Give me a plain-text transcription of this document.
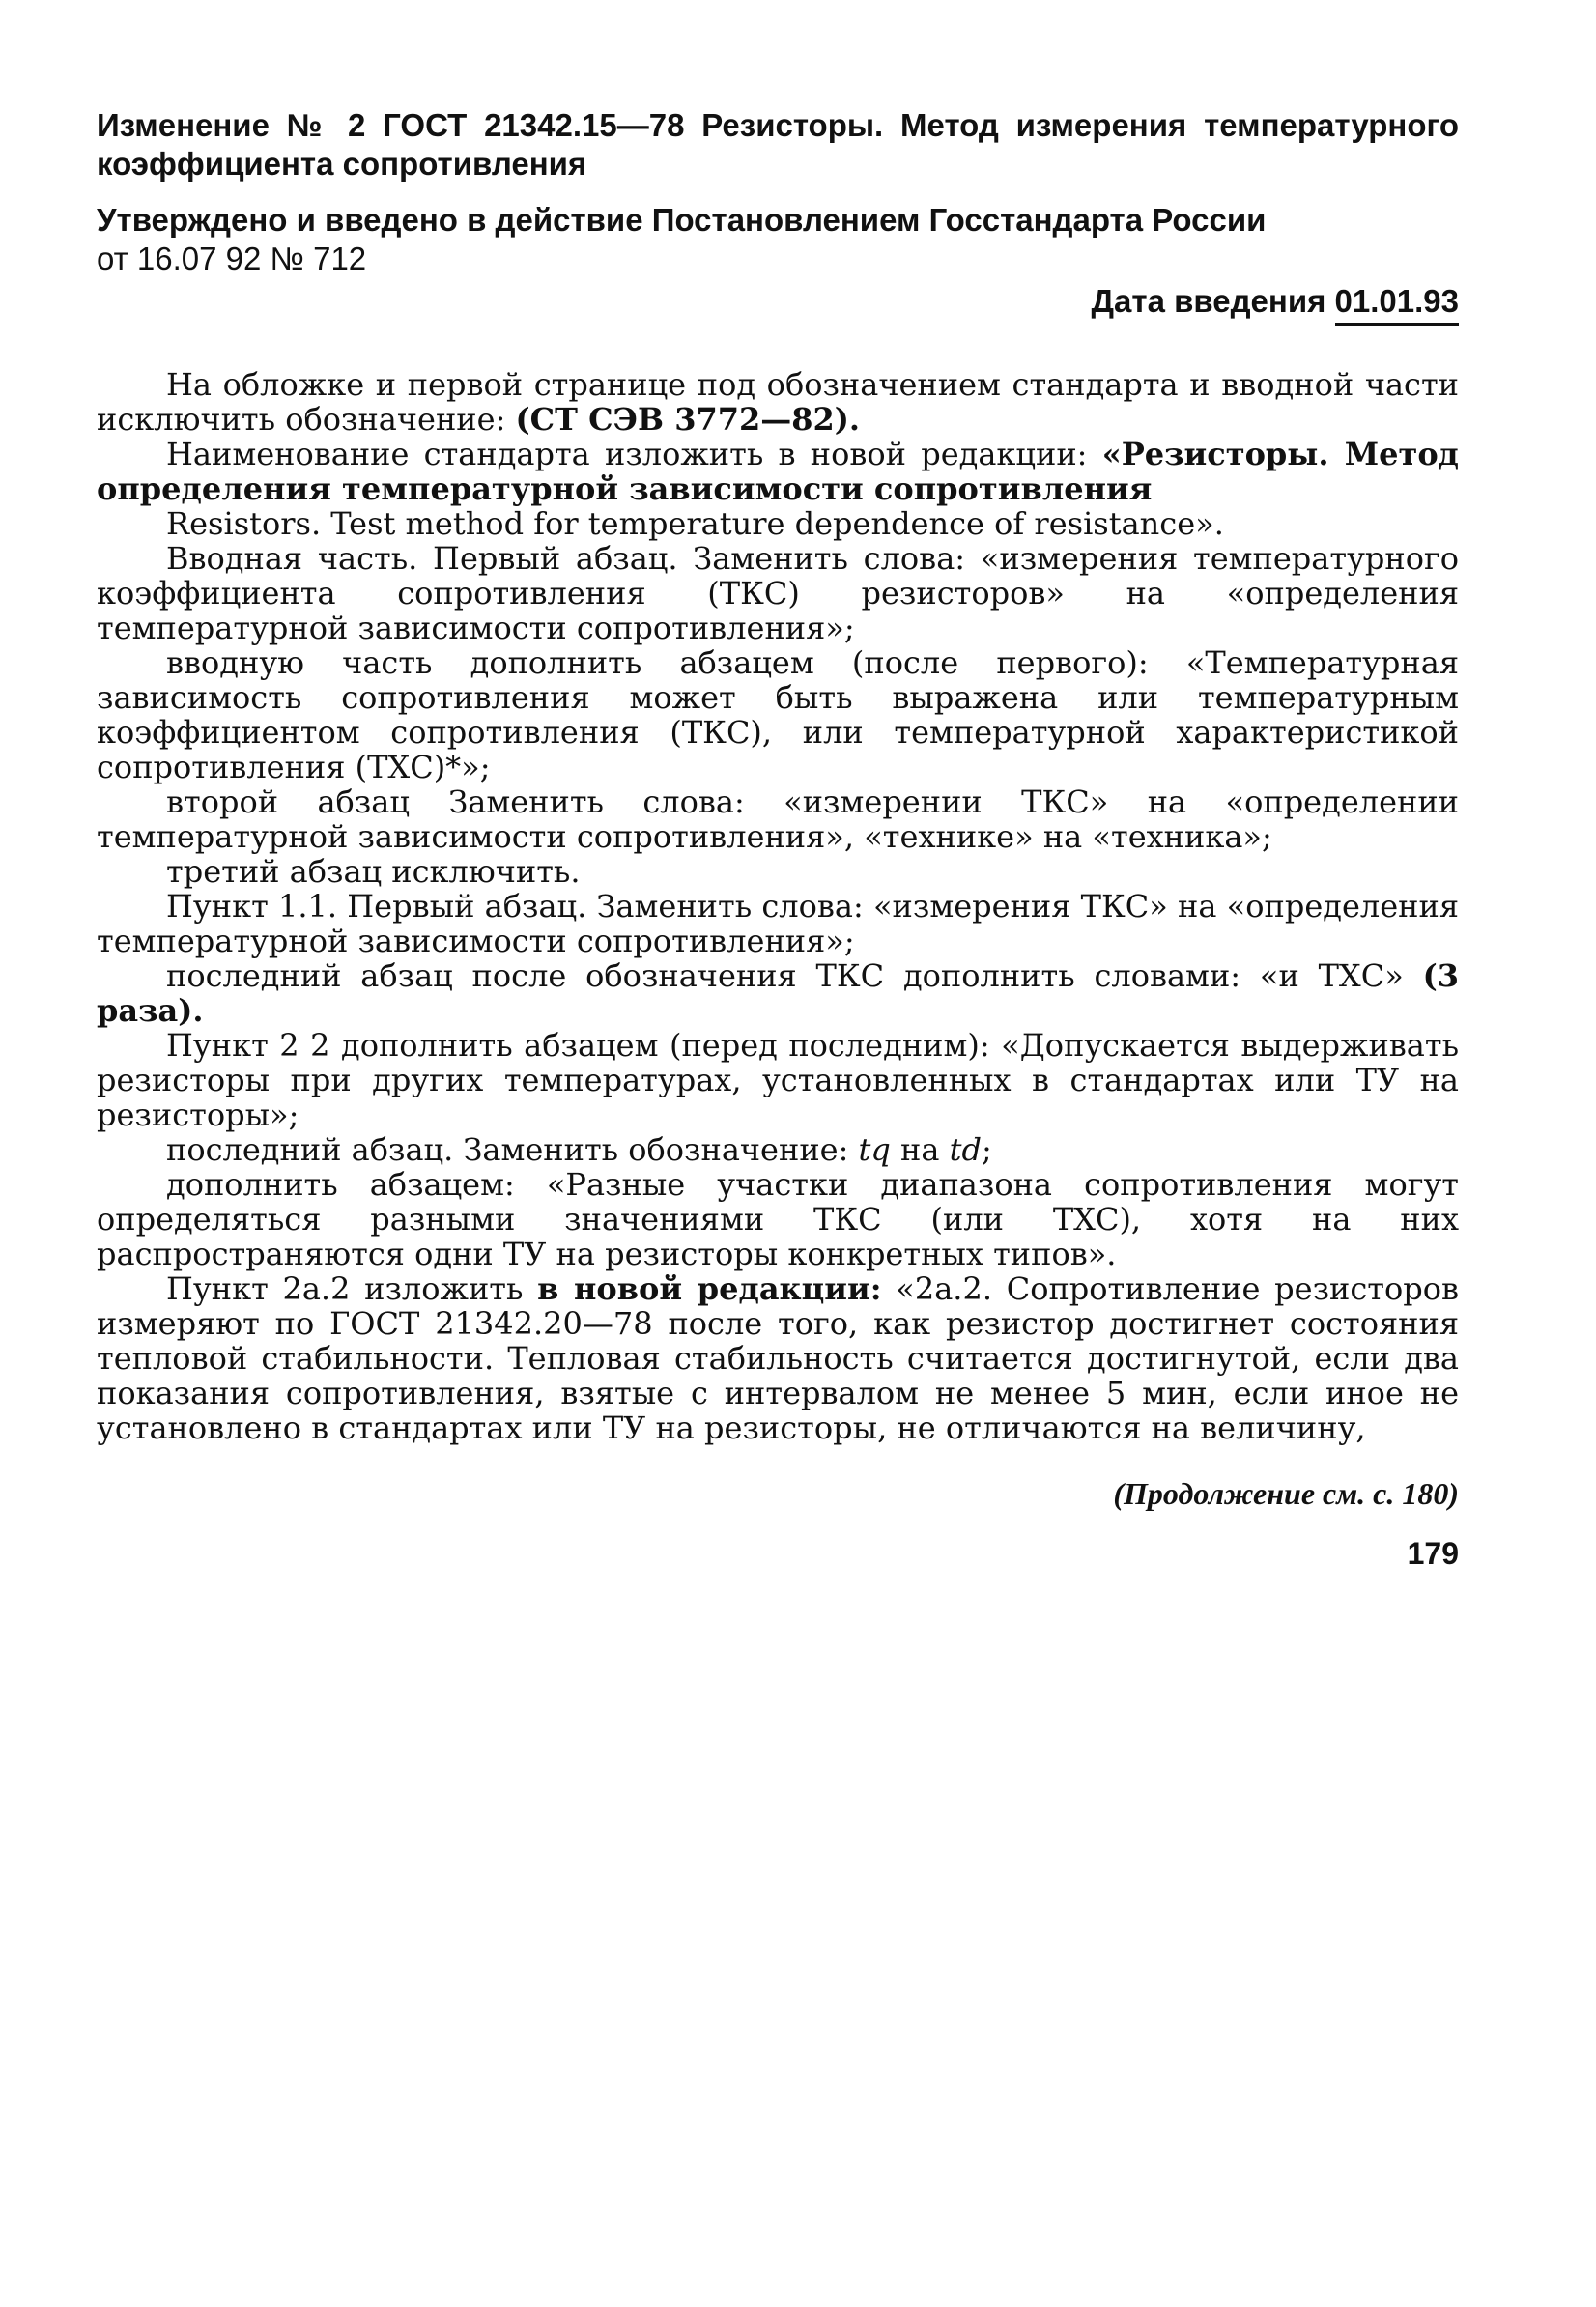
Изменение № 2 ГОСТ 21342.15—78 Резисторы. Метод измерения температурного коэффициента сопротивления

Утверждено и введено в действие Постановлением Госстандарта России
от 16.07 92 № 712

Дата введения 01.01.93

На обложке и первой странице под обозначением стандарта и вводной части исключить обозначение: (СТ СЭВ 3772—82).

Наименование стандарта изложить в новой редакции: «Резисторы. Метод определения температурной зависимости сопротивления

Resistors. Test method for temperature dependence of resistance».

Вводная часть. Первый абзац. Заменить слова: «измерения температурного коэффициента сопротивления (ТКС) резисторов» на «определения температурной зависимости сопротивления»;

вводную часть дополнить абзацем (после первого): «Температурная зависимость сопротивления может быть выражена или температурным коэффициентом сопротивления (ТКС), или температурной характеристикой сопротивления (ТХС)*»;

второй абзац Заменить слова: «измерении ТКС» на «определении температурной зависимости сопротивления», «технике» на «техника»;

третий абзац исключить.

Пункт 1.1. Первый абзац. Заменить слова: «измерения ТКС» на «определения температурной зависимости сопротивления»;

последний абзац после обозначения ТКС дополнить словами: «и ТХС» (3 раза).

Пункт 2 2 дополнить абзацем (перед последним): «Допускается выдерживать резисторы при других температурах, установленных в стандартах или ТУ на резисторы»;

последний абзац. Заменить обозначение: tq на td;

дополнить абзацем: «Разные участки диапазона сопротивления могут определяться разными значениями ТКС (или ТХС), хотя на них распространяются одни ТУ на резисторы конкретных типов».

Пункт 2а.2 изложить в новой редакции: «2а.2. Сопротивление резисторов измеряют по ГОСТ 21342.20—78 после того, как резистор достигнет состояния тепловой стабильности. Тепловая стабильность считается достигнутой, если два показания сопротивления, взятые с интервалом не менее 5 мин, если иное не установлено в стандартах или ТУ на резисторы, не отличаются на величину,

(Продолжение см. с. 180)

179
